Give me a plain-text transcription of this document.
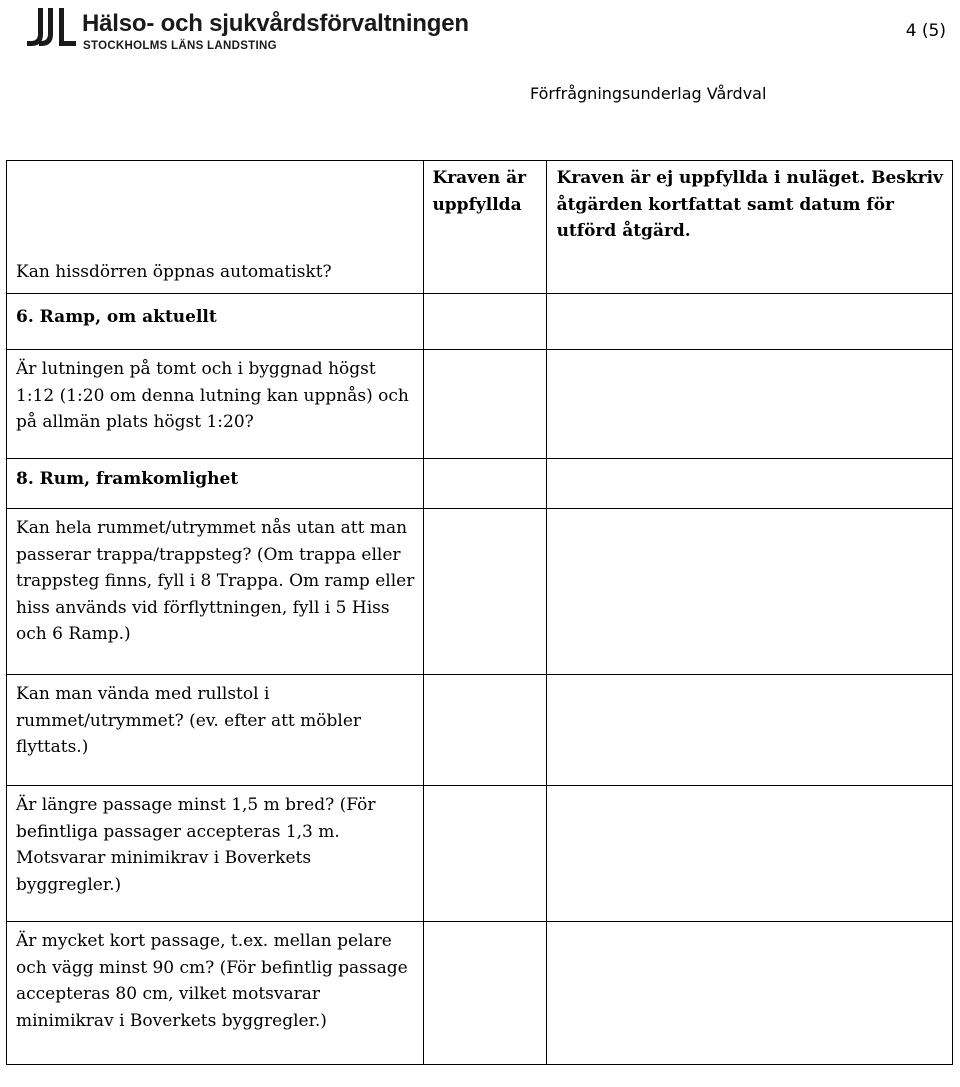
Hälso- och sjukvårdsförvaltningen
STOCKHOLMS LÄNS LANDSTING
4 (5)
Förfrågningsunderlag Vårdval
Kan hissdörren öppnas automatiskt?	Kraven är uppfyllda	Kraven är ej uppfyllda i nuläget. Beskriv åtgärden kortfattat samt datum för utförd åtgärd.

6. Ramp, om aktuellt		

Är lutningen på tomt och i byggnad högst 1:12 (1:20 om denna lutning kan uppnås) och på allmän plats högst 1:20?		

8. Rum, framkomlighet		

Kan hela rummet/utrymmet nås utan att man passerar trappa/trappsteg? (Om trappa eller trappsteg finns, fyll i 8 Trappa. Om ramp eller hiss används vid förflyttningen, fyll i 5 Hiss och 6 Ramp.)		

Kan man vända med rullstol i rummet/utrymmet? (ev. efter att möbler flyttats.)		

Är längre passage minst 1,5 m bred? (För befintliga passager accepteras 1,3 m. Motsvarar minimikrav i Boverkets byggregler.)		

Är mycket kort passage, t.ex. mellan pelare och vägg minst 90 cm? (För befintlig passage accepteras 80 cm, vilket motsvarar minimikrav i Boverkets byggregler.)		
